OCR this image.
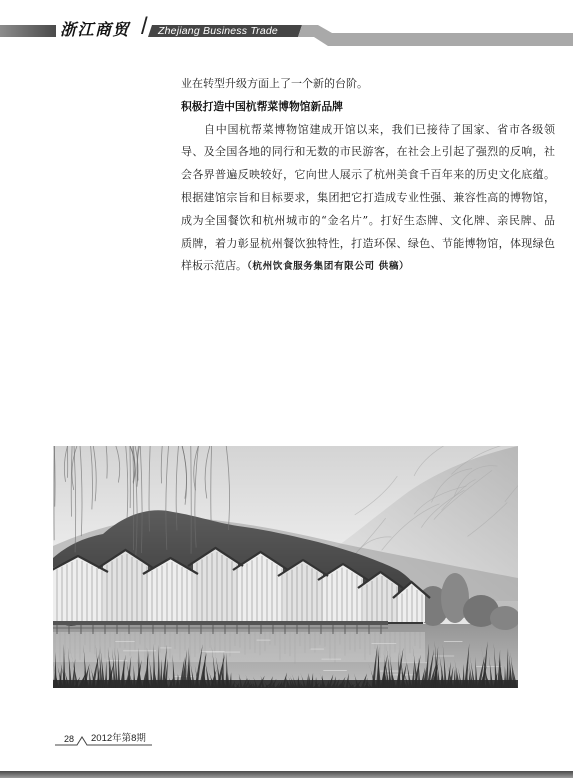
浙江商贸 / Zhejiang Business Trade
业在转型升级方面上了一个新的台阶。
积极打造中国杭帮菜博物馆新品牌
自中国杭帮菜博物馆建成开馆以来，我们已接待了国家、省市各级领
导、及全国各地的同行和无数的市民游客，在社会上引起了强烈的反响，社
会各界普遍反映较好，它向世人展示了杭州美食千百年来的历史文化底蕴。
根据建馆宗旨和目标要求，集团把它打造成专业性强、兼容性高的博物馆，
成为全国餐饮和杭州城市的“金名片”。打好生态牌、文化牌、亲民牌、品
质牌，着力彰显杭州餐饮独特性，打造环保、绿色、节能博物馆，体现绿色
样板示范店。（杭州饮食服务集团有限公司 供稿）
28 2012年第8期
